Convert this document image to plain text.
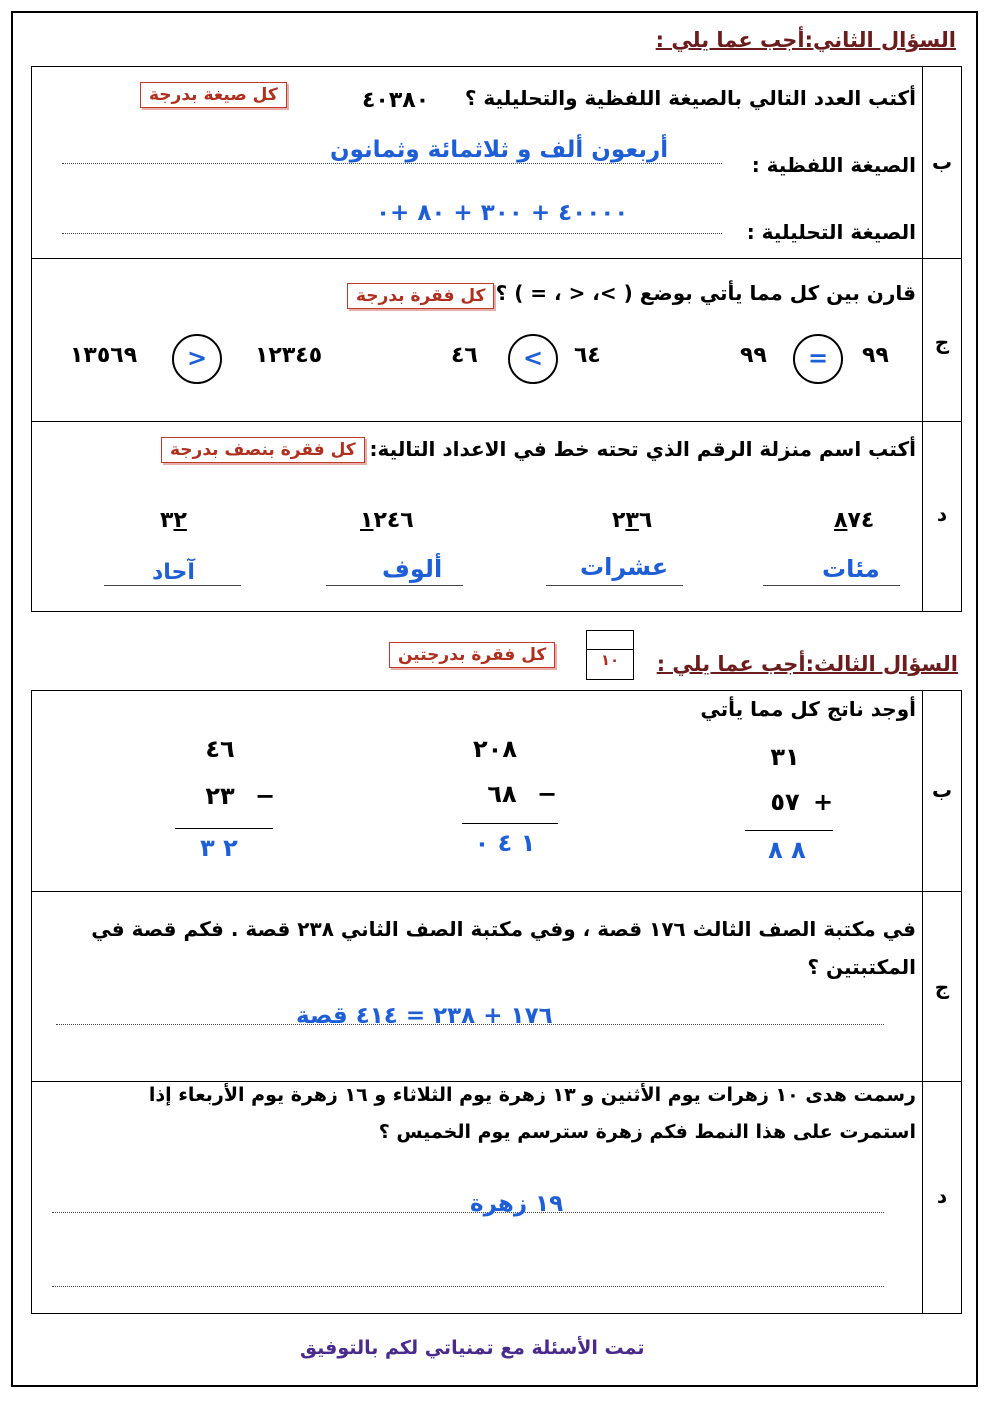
السؤال الثاني:أجب عما يلي :
ب
أكتب العدد التالي بالصيغة اللفظية والتحليلية ؟
٤٠٣٨٠
كل صيغة بدرجة
الصيغة اللفظية :
أربعون ألف و ثلاثمائة وثمانون
الصيغة التحليلية :
٤٠٠٠٠ + ٣٠٠ + ٨٠ +٠
ج
قارن بين كل مما يأتي بوضع ( >، < ، = ) ؟
كل فقرة بدرجة
٩٩
=
٩٩
٦٤
<
٤٦
١٢٣٤٥
>
١٣٥٦٩
د
أكتب اسم منزلة الرقم الذي تحته خط في الاعداد التالية:
كل فقرة بنصف بدرجة
٨٧٤
٢٣٦
١٢٤٦
٣٢
مئات
عشرات
ألوف
آحاد
السؤال الثالث:أجب عما يلي :
١٠
كل فقرة بدرجتين
ب
أوجد ناتج كل مما يأتي
٣١
٥٧ +
٨ ٨
٢٠٨
٦٨ −
١ ٤ ٠
٤٦
٢٣ −
٢ ٣
ج
في مكتبة الصف الثالث ١٧٦ قصة ، وفي مكتبة الصف الثاني ٢٣٨ قصة . فكم قصة في
المكتبتين ؟
١٧٦ + ٢٣٨ = ٤١٤ قصة
د
رسمت هدى ١٠ زهرات يوم الأثنين و ١٣ زهرة يوم الثلاثاء و ١٦ زهرة يوم الأربعاء إذا
استمرت على هذا النمط فكم زهرة سترسم يوم الخميس ؟
١٩ زهرة
تمت الأسئلة مع تمنياتي لكم بالتوفيق
